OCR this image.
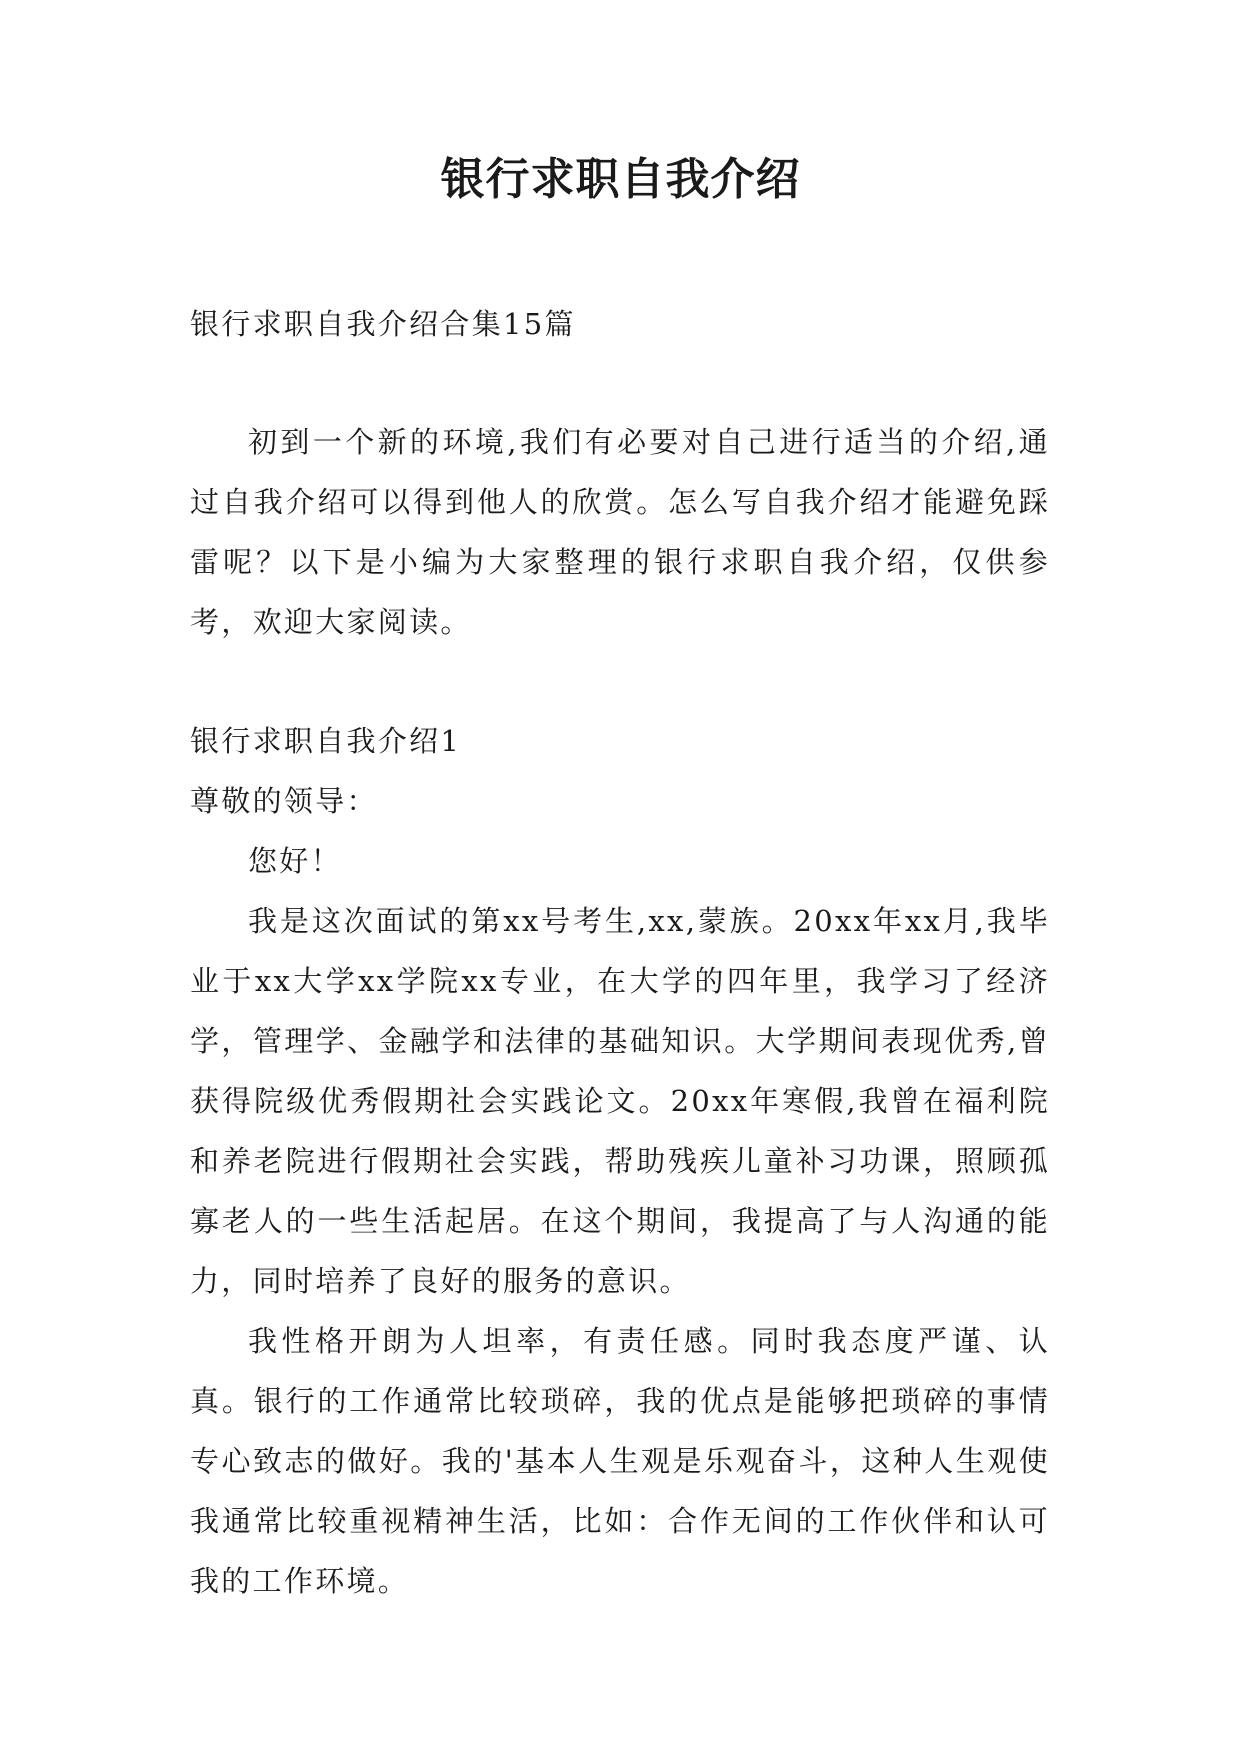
银行求职自我介绍

银行求职自我介绍合集15篇

初到一个新的环境,我们有必要对自己进行适当的介绍,通过自我介绍可以得到他人的欣赏。怎么写自我介绍才能避免踩雷呢？以下是小编为大家整理的银行求职自我介绍，仅供参考，欢迎大家阅读。

银行求职自我介绍1

尊敬的领导：

您好！

我是这次面试的第xx号考生,xx,蒙族。20xx年xx月,我毕业于xx大学xx学院xx专业，在大学的四年里，我学习了经济学，管理学、金融学和法律的基础知识。大学期间表现优秀,曾获得院级优秀假期社会实践论文。20xx年寒假,我曾在福利院和养老院进行假期社会实践，帮助残疾儿童补习功课，照顾孤寡老人的一些生活起居。在这个期间，我提高了与人沟通的能力，同时培养了良好的服务的意识。

我性格开朗为人坦率，有责任感。同时我态度严谨、认真。银行的工作通常比较琐碎，我的优点是能够把琐碎的事情专心致志的做好。我的'基本人生观是乐观奋斗，这种人生观使我通常比较重视精神生活，比如：合作无间的工作伙伴和认可我的工作环境。
